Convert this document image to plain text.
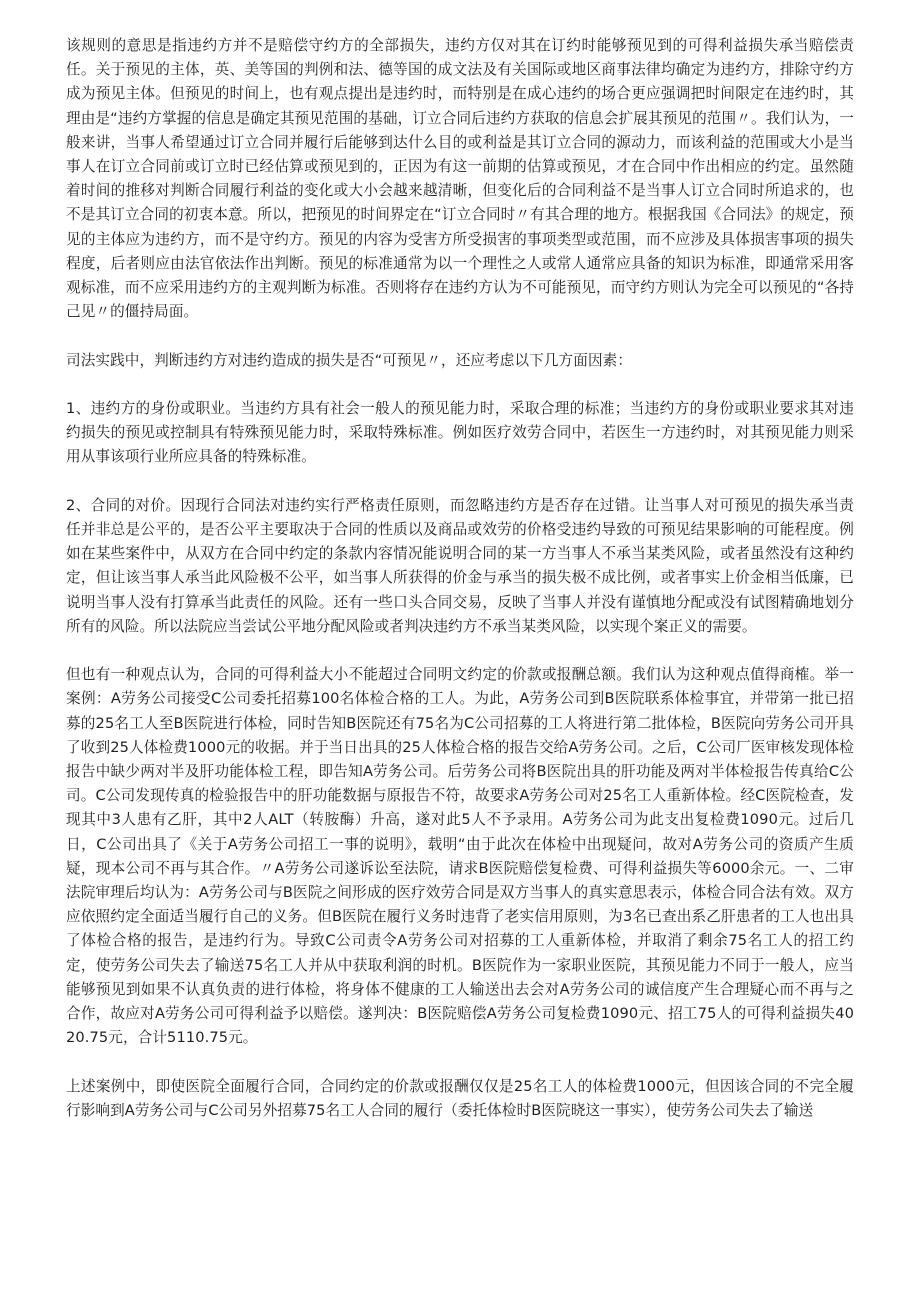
该规则的意思是指违约方并不是赔偿守约方的全部损失，违约方仅对其在订约时能够预见到的可得利益损失承当赔偿责任。关于预见的主体，英、美等国的判例和法、德等国的成文法及有关国际或地区商事法律均确定为违约方，排除守约方成为预见主体。但预见的时间上，也有观点提出是违约时，而特别是在成心违约的场合更应强调把时间限定在违约时，其理由是“违约方掌握的信息是确定其预见范围的基础，订立合同后违约方获取的信息会扩展其预见的范围〃。我们认为，一般来讲，当事人希望通过订立合同并履行后能够到达什么目的或利益是其订立合同的源动力，而该利益的范围或大小是当事人在订立合同前或订立时已经估算或预见到的，正因为有这一前期的估算或预见，才在合同中作出相应的约定。虽然随着时间的推移对判断合同履行利益的变化或大小会越来越清晰，但变化后的合同利益不是当事人订立合同时所追求的，也不是其订立合同的初衷本意。所以，把预见的时间界定在“订立合同时〃有其合理的地方。根据我国《合同法》的规定，预见的主体应为违约方，而不是守约方。预见的内容为受害方所受损害的事项类型或范围，而不应涉及具体损害事项的损失程度，后者则应由法官依法作出判断。预见的标准通常为以一个理性之人或常人通常应具备的知识为标准，即通常采用客观标准，而不应采用违约方的主观判断为标准。否则将存在违约方认为不可能预见，而守约方则认为完全可以预见的“各持己见〃的僵持局面。

司法实践中，判断违约方对违约造成的损失是否“可预见〃，还应考虑以下几方面因素：

1、违约方的身份或职业。当违约方具有社会一般人的预见能力时，采取合理的标准；当违约方的身份或职业要求其对违约损失的预见或控制具有特殊预见能力时，采取特殊标准。例如医疗效劳合同中，若医生一方违约时，对其预见能力则采用从事该项行业所应具备的特殊标准。

2、合同的对价。因现行合同法对违约实行严格责任原则，而忽略违约方是否存在过错。让当事人对可预见的损失承当责任并非总是公平的，是否公平主要取决于合同的性质以及商品或效劳的价格受违约导致的可预见结果影响的可能程度。例如在某些案件中，从双方在合同中约定的条款内容情况能说明合同的某一方当事人不承当某类风险，或者虽然没有这种约定，但让该当事人承当此风险极不公平，如当事人所获得的价金与承当的损失极不成比例，或者事实上价金相当低廉，已说明当事人没有打算承当此责任的风险。还有一些口头合同交易，反映了当事人并没有谨慎地分配或没有试图精确地划分所有的风险。所以法院应当尝试公平地分配风险或者判决违约方不承当某类风险，以实现个案正义的需要。

但也有一种观点认为，合同的可得利益大小不能超过合同明文约定的价款或报酬总额。我们认为这种观点值得商榷。举一案例：A劳务公司接受C公司委托招募100名体检合格的工人。为此，A劳务公司到B医院联系体检事宜，并带第一批已招募的25名工人至B医院进行体检，同时告知B医院还有75名为C公司招募的工人将进行第二批体检，B医院向劳务公司开具了收到25人体检费1000元的收据。并于当日出具的25人体检合格的报告交给A劳务公司。之后，C公司厂医审核发现体检报告中缺少两对半及肝功能体检工程，即告知A劳务公司。后劳务公司将B医院出具的肝功能及两对半体检报告传真给C公司。C公司发现传真的检验报告中的肝功能数据与原报告不符，故要求A劳务公司对25名工人重新体检。经C医院检查，发现其中3人患有乙肝，其中2人ALT（转胺酶）升高，遂对此5人不予录用。A劳务公司为此支出复检费1090元。过后几日，C公司出具了《关于A劳务公司招工一事的说明》，载明“由于此次在体检中出现疑问，故对A劳务公司的资质产生质疑，现本公司不再与其合作。〃A劳务公司遂诉讼至法院，请求B医院赔偿复检费、可得利益损失等6000余元。一、二审法院审理后均认为：A劳务公司与B医院之间形成的医疗效劳合同是双方当事人的真实意思表示，体检合同合法有效。双方应依照约定全面适当履行自己的义务。但B医院在履行义务时违背了老实信用原则，为3名已查出系乙肝患者的工人也出具了体检合格的报告，是违约行为。导致C公司责令A劳务公司对招募的工人重新体检，并取消了剩余75名工人的招工约定，使劳务公司失去了输送75名工人并从中获取利润的时机。B医院作为一家职业医院，其预见能力不同于一般人，应当能够预见到如果不认真负责的进行体检，将身体不健康的工人输送出去会对A劳务公司的诚信度产生合理疑心而不再与之合作，故应对A劳务公司可得利益予以赔偿。遂判决：B医院赔偿A劳务公司复检费1090元、招工75人的可得利益损失4020.75元，合计5110.75元。

上述案例中，即使医院全面履行合同，合同约定的价款或报酬仅仅是25名工人的体检费1000元，但因该合同的不完全履行影响到A劳务公司与C公司另外招募75名工人合同的履行（委托体检时B医院晓这一事实），使劳务公司失去了输送
